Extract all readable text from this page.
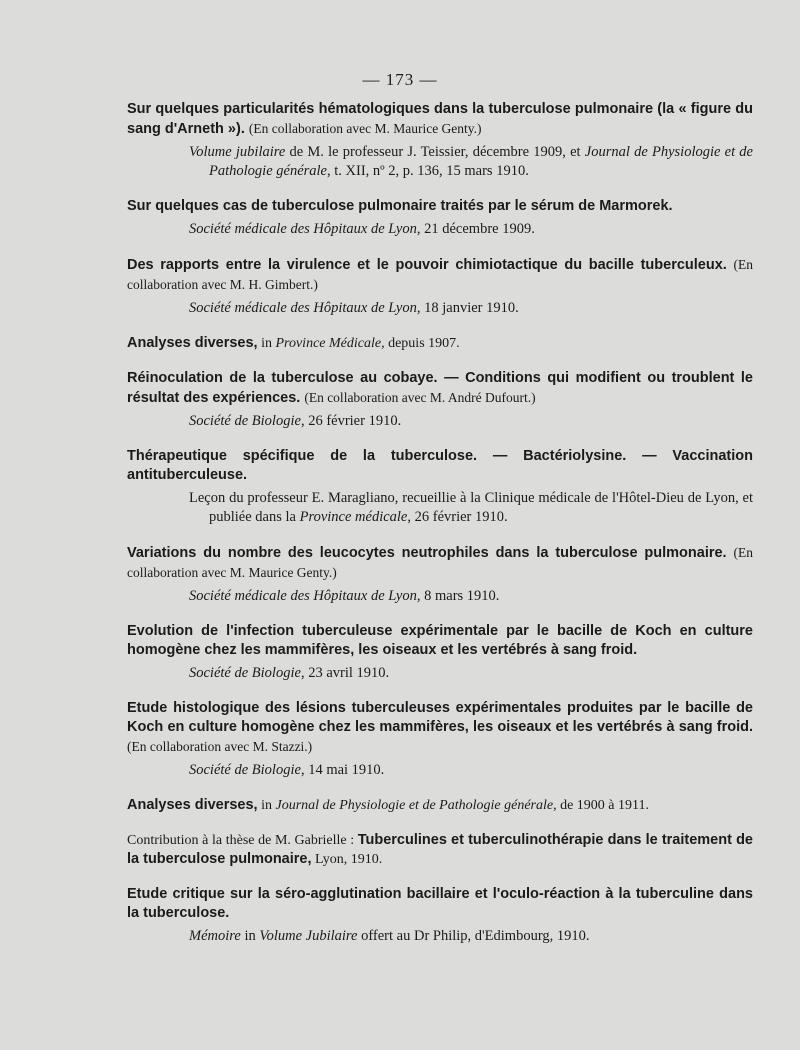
— 173 —
Sur quelques particularités hématologiques dans la tuberculose pulmonaire (la « figure du sang d'Arneth »). (En collaboration avec M. Maurice Genty.)
Volume jubilaire de M. le professeur J. Teissier, décembre 1909, et Journal de Physiologie et de Pathologie générale, t. XII, nº 2, p. 136, 15 mars 1910.
Sur quelques cas de tuberculose pulmonaire traités par le sérum de Marmorek.
Société médicale des Hôpitaux de Lyon, 21 décembre 1909.
Des rapports entre la virulence et le pouvoir chimiotactique du bacille tuberculeux. (En collaboration avec M. H. Gimbert.)
Société médicale des Hôpitaux de Lyon, 18 janvier 1910.
Analyses diverses, in Province Médicale, depuis 1907.
Réinoculation de la tuberculose au cobaye. — Conditions qui modifient ou troublent le résultat des expériences. (En collaboration avec M. André Dufourt.)
Société de Biologie, 26 février 1910.
Thérapeutique spécifique de la tuberculose. — Bactériolysine. — Vaccination antituberculeuse.
Leçon du professeur E. Maragliano, recueillie à la Clinique médicale de l'Hôtel-Dieu de Lyon, et publiée dans la Province médicale, 26 février 1910.
Variations du nombre des leucocytes neutrophiles dans la tuberculose pulmonaire. (En collaboration avec M. Maurice Genty.)
Société médicale des Hôpitaux de Lyon, 8 mars 1910.
Evolution de l'infection tuberculeuse expérimentale par le bacille de Koch en culture homogène chez les mammifères, les oiseaux et les vertébrés à sang froid.
Société de Biologie, 23 avril 1910.
Etude histologique des lésions tuberculeuses expérimentales produites par le bacille de Koch en culture homogène chez les mammifères, les oiseaux et les vertébrés à sang froid. (En collaboration avec M. Stazzi.)
Société de Biologie, 14 mai 1910.
Analyses diverses, in Journal de Physiologie et de Pathologie générale, de 1900 à 1911.
Contribution à la thèse de M. Gabrielle : Tuberculines et tuberculinothérapie dans le traitement de la tuberculose pulmonaire, Lyon, 1910.
Etude critique sur la séro-agglutination bacillaire et l'oculo-réaction à la tuberculine dans la tuberculose.
Mémoire in Volume Jubilaire offert au Dr Philip, d'Edimbourg, 1910.
